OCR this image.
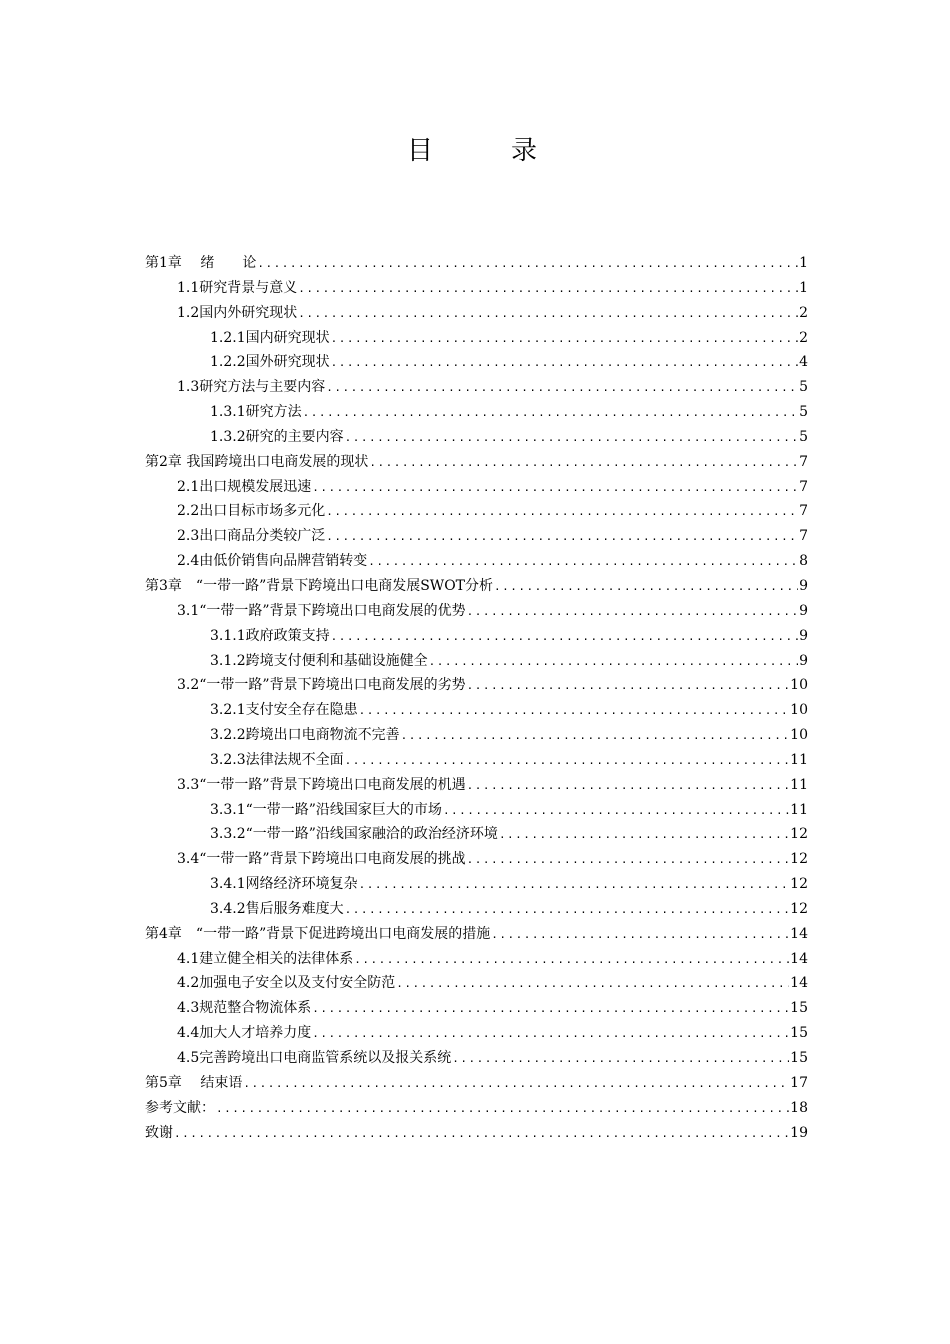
目　录
第1章　 绪　　论 .....	1
1.1研究背景与意义 .....	1
1.2国内外研究现状 .....	2
1.2.1国内研究现状 .....	2
1.2.2国外研究现状 .....	4
1.3研究方法与主要内容 .....	5
1.3.1研究方法 .....	5
1.3.2研究的主要内容 .....	5
第2章 我国跨境出口电商发展的现状 .....	7
2.1出口规模发展迅速 .....	7
2.2出口目标市场多元化 .....	7
2.3出口商品分类较广泛 .....	7
2.4由低价销售向品牌营销转变 .....	8
第3章　“一带一路”背景下跨境出口电商发展SWOT分析 .....	9
3.1“一带一路”背景下跨境出口电商发展的优势 .....	9
3.1.1政府政策支持 .....	9
3.1.2跨境支付便利和基础设施健全 .....	9
3.2“一带一路”背景下跨境出口电商发展的劣势 .....	10
3.2.1支付安全存在隐患 .....	10
3.2.2跨境出口电商物流不完善 .....	10
3.2.3法律法规不全面 .....	11
3.3“一带一路”背景下跨境出口电商发展的机遇 .....	11
3.3.1“一带一路”沿线国家巨大的市场 .....	11
3.3.2“一带一路”沿线国家融洽的政治经济环境 .....	12
3.4“一带一路”背景下跨境出口电商发展的挑战 .....	12
3.4.1网络经济环境复杂 .....	12
3.4.2售后服务难度大 .....	12
第4章　“一带一路”背景下促进跨境出口电商发展的措施 .....	14
4.1建立健全相关的法律体系 .....	14
4.2加强电子安全以及支付安全防范 .....	14
4.3规范整合物流体系 .....	15
4.4加大人才培养力度 .....	15
4.5完善跨境出口电商监管系统以及报关系统 .....	15
第5章　 结束语 .....	17
参考文献： .....	18
致谢 .....	19
